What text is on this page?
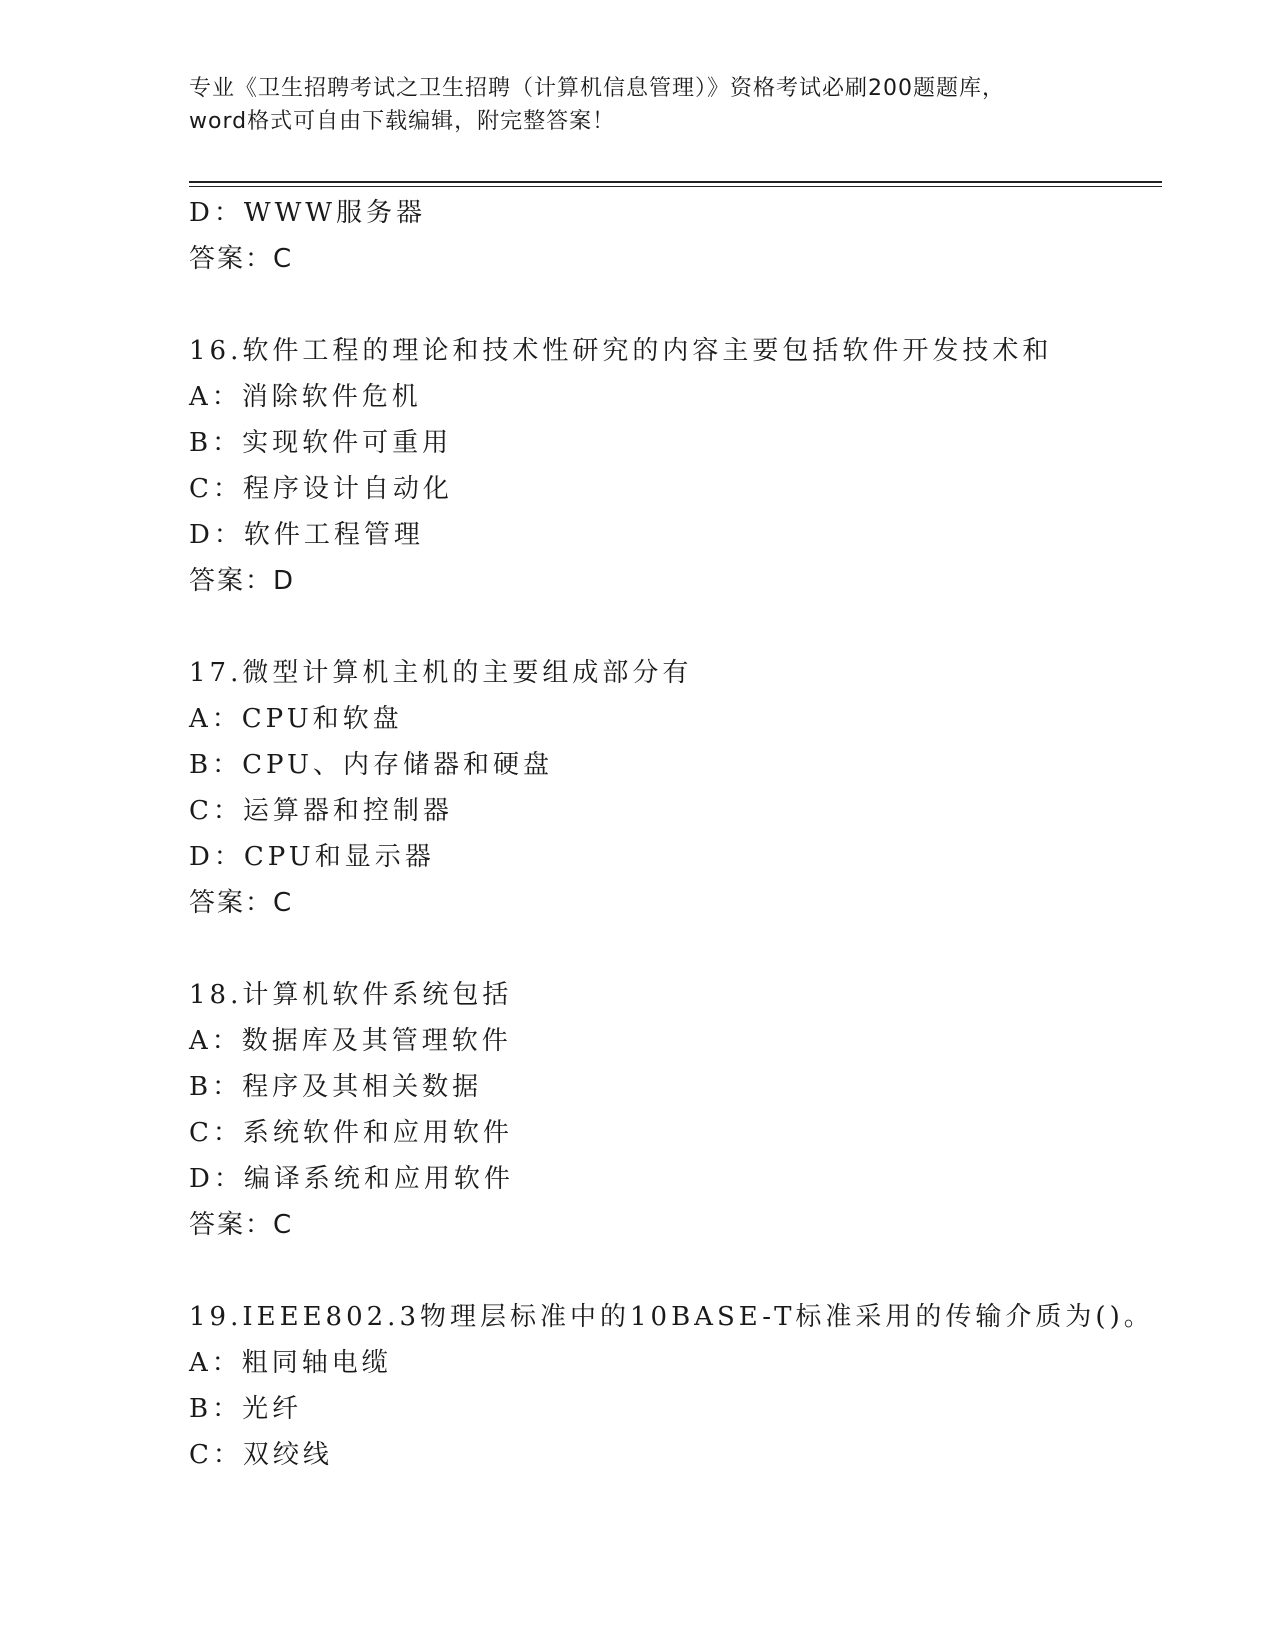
专业《卫生招聘考试之卫生招聘（计算机信息管理）》资格考试必刷200题题库，
word格式可自由下载编辑，附完整答案！
D：WWW服务器
答案：C
16.软件工程的理论和技术性研究的内容主要包括软件开发技术和
A：消除软件危机
B：实现软件可重用
C：程序设计自动化
D：软件工程管理
答案：D
17.微型计算机主机的主要组成部分有
A：CPU和软盘
B：CPU、内存储器和硬盘
C：运算器和控制器
D：CPU和显示器
答案：C
18.计算机软件系统包括
A：数据库及其管理软件
B：程序及其相关数据
C：系统软件和应用软件
D：编译系统和应用软件
答案：C
19.IEEE802.3物理层标准中的10BASE-T标准采用的传输介质为()。
A：粗同轴电缆
B：光纤
C：双绞线
